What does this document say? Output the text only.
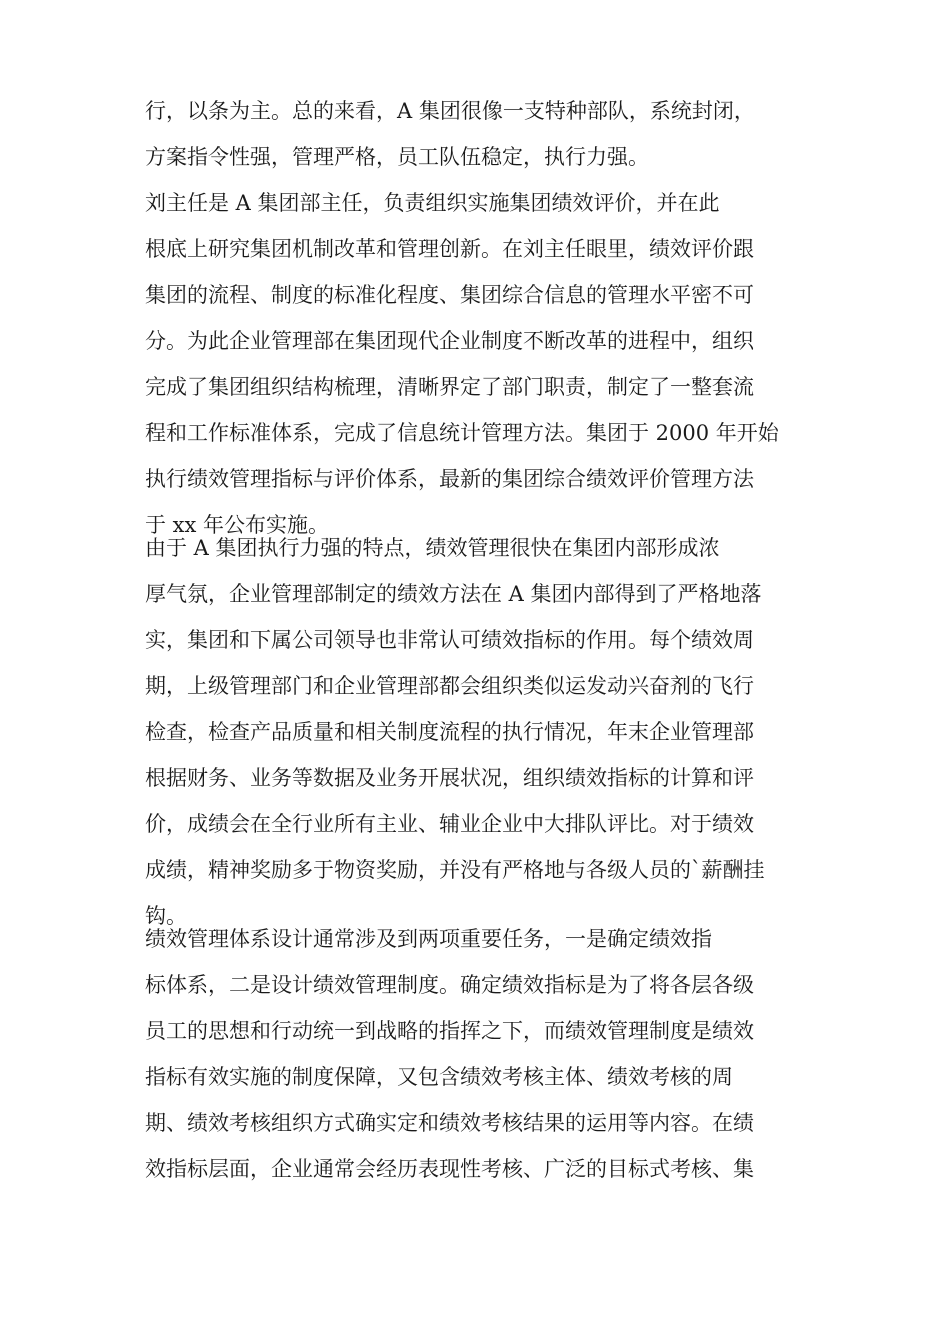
行，以条为主。总的来看，A 集团很像一支特种部队，系统封闭，
方案指令性强，管理严格，员工队伍稳定，执行力强。

刘主任是 A 集团部主任，负责组织实施集团绩效评价，并在此
根底上研究集团机制改革和管理创新。在刘主任眼里，绩效评价跟
集团的流程、制度的标准化程度、集团综合信息的管理水平密不可
分。为此企业管理部在集团现代企业制度不断改革的进程中，组织
完成了集团组织结构梳理，清晰界定了部门职责，制定了一整套流
程和工作标准体系，完成了信息统计管理方法。集团于 2000 年开始
执行绩效管理指标与评价体系，最新的集团综合绩效评价管理方法
于 xx 年公布实施。

由于 A 集团执行力强的特点，绩效管理很快在集团内部形成浓
厚气氛，企业管理部制定的绩效方法在 A 集团内部得到了严格地落
实，集团和下属公司领导也非常认可绩效指标的作用。每个绩效周
期，上级管理部门和企业管理部都会组织类似运发动兴奋剂的飞行
检查，检查产品质量和相关制度流程的执行情况，年末企业管理部
根据财务、业务等数据及业务开展状况，组织绩效指标的计算和评
价，成绩会在全行业所有主业、辅业企业中大排队评比。对于绩效
成绩，精神奖励多于物资奖励，并没有严格地与各级人员的`薪酬挂
钩。

绩效管理体系设计通常涉及到两项重要任务，一是确定绩效指
标体系，二是设计绩效管理制度。确定绩效指标是为了将各层各级
员工的思想和行动统一到战略的指挥之下，而绩效管理制度是绩效
指标有效实施的制度保障，又包含绩效考核主体、绩效考核的周
期、绩效考核组织方式确实定和绩效考核结果的运用等内容。在绩
效指标层面，企业通常会经历表现性考核、广泛的目标式考核、集
